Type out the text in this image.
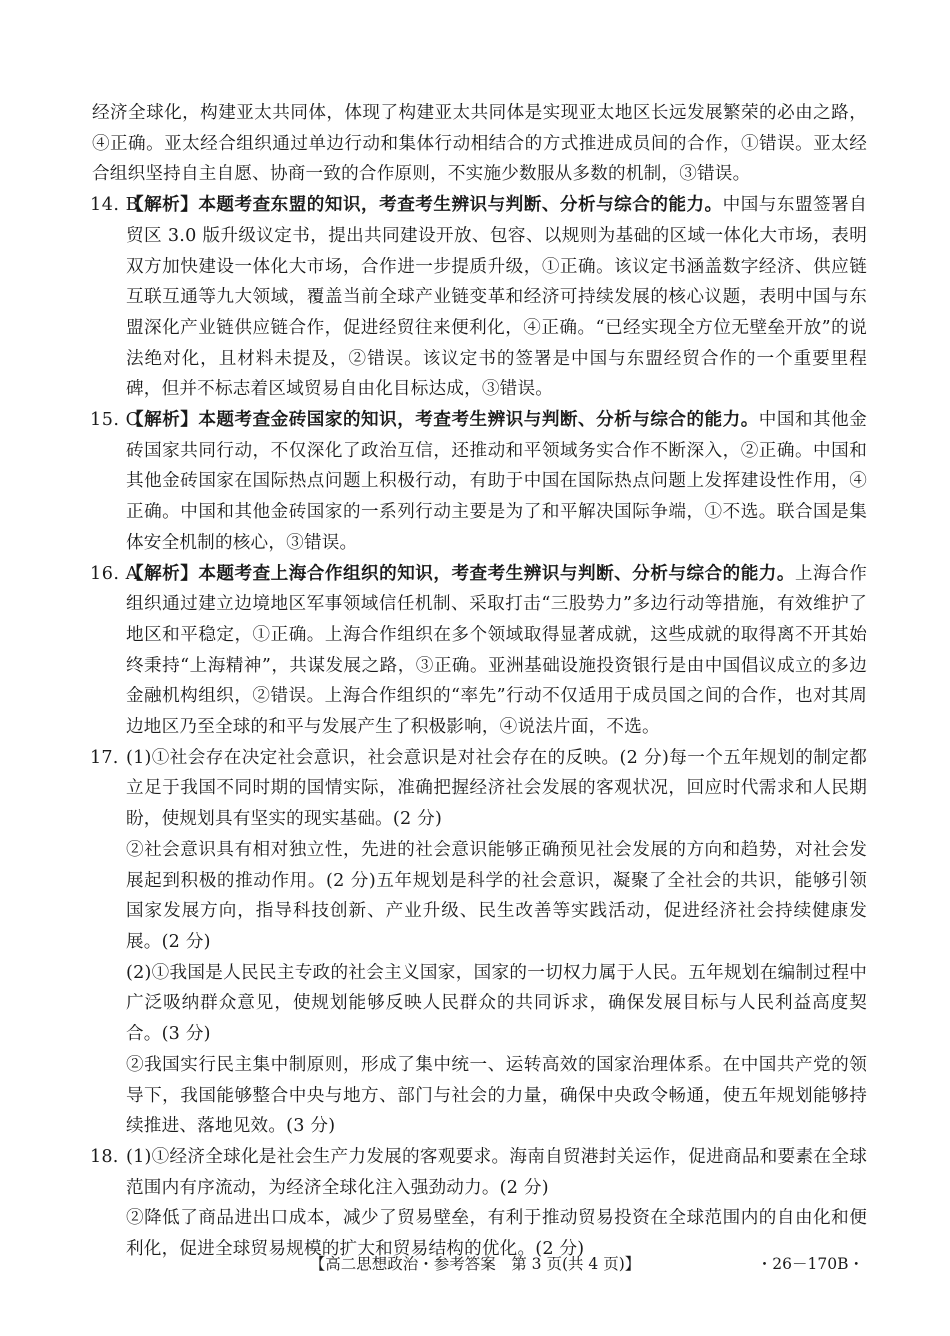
经济全球化，构建亚太共同体，体现了构建亚太共同体是实现亚太地区长远发展繁荣的必由之路，④正确。亚太经合组织通过单边行动和集体行动相结合的方式推进成员间的合作，①错误。亚太经合组织坚持自主自愿、协商一致的合作原则，不实施少数服从多数的机制，③错误。

14. B
【解析】本题考查东盟的知识，考查考生辨识与判断、分析与综合的能力。中国与东盟签署自贸区 3.0 版升级议定书，提出共同建设开放、包容、以规则为基础的区域一体化大市场，表明双方加快建设一体化大市场，合作进一步提质升级，①正确。该议定书涵盖数字经济、供应链互联互通等九大领域，覆盖当前全球产业链变革和经济可持续发展的核心议题，表明中国与东盟深化产业链供应链合作，促进经贸往来便利化，④正确。“已经实现全方位无壁垒开放”的说法绝对化，且材料未提及，②错误。该议定书的签署是中国与东盟经贸合作的一个重要里程碑，但并不标志着区域贸易自由化目标达成，③错误。
15. C
【解析】本题考查金砖国家的知识，考查考生辨识与判断、分析与综合的能力。中国和其他金砖国家共同行动，不仅深化了政治互信，还推动和平领域务实合作不断深入，②正确。中国和其他金砖国家在国际热点问题上积极行动，有助于中国在国际热点问题上发挥建设性作用，④正确。中国和其他金砖国家的一系列行动主要是为了和平解决国际争端，①不选。联合国是集体安全机制的核心，③错误。
16. A
【解析】本题考查上海合作组织的知识，考查考生辨识与判断、分析与综合的能力。上海合作组织通过建立边境地区军事领域信任机制、采取打击“三股势力”多边行动等措施，有效维护了地区和平稳定，①正确。上海合作组织在多个领域取得显著成就，这些成就的取得离不开其始终秉持“上海精神”，共谋发展之路，③正确。亚洲基础设施投资银行是由中国倡议成立的多边金融机构组织，②错误。上海合作组织的“率先”行动不仅适用于成员国之间的合作，也对其周边地区乃至全球的和平与发展产生了积极影响，④说法片面，不选。
17. (1)①社会存在决定社会意识，社会意识是对社会存在的反映。(2 分)每一个五年规划的制定都立足于我国不同时期的国情实际，准确把握经济社会发展的客观状况，回应时代需求和人民期盼，使规划具有坚实的现实基础。(2 分)

②社会意识具有相对独立性，先进的社会意识能够正确预见社会发展的方向和趋势，对社会发展起到积极的推动作用。(2 分)五年规划是科学的社会意识，凝聚了全社会的共识，能够引领国家发展方向，指导科技创新、产业升级、民生改善等实践活动，促进经济社会持续健康发展。(2 分)

(2)①我国是人民民主专政的社会主义国家，国家的一切权力属于人民。五年规划在编制过程中广泛吸纳群众意见，使规划能够反映人民群众的共同诉求，确保发展目标与人民利益高度契合。(3 分)

②我国实行民主集中制原则，形成了集中统一、运转高效的国家治理体系。在中国共产党的领导下，我国能够整合中央与地方、部门与社会的力量，确保中央政令畅通，使五年规划能够持续推进、落地见效。(3 分)

18. (1)①经济全球化是社会生产力发展的客观要求。海南自贸港封关运作，促进商品和要素在全球范围内有序流动，为经济全球化注入强劲动力。(2 分)

②降低了商品进出口成本，减少了贸易壁垒，有利于推动贸易投资在全球范围内的自由化和便利化，促进全球贸易规模的扩大和贸易结构的优化。(2 分)

【高二思想政治・参考答案　第 3 页(共 4 页)】	・26－170B・
